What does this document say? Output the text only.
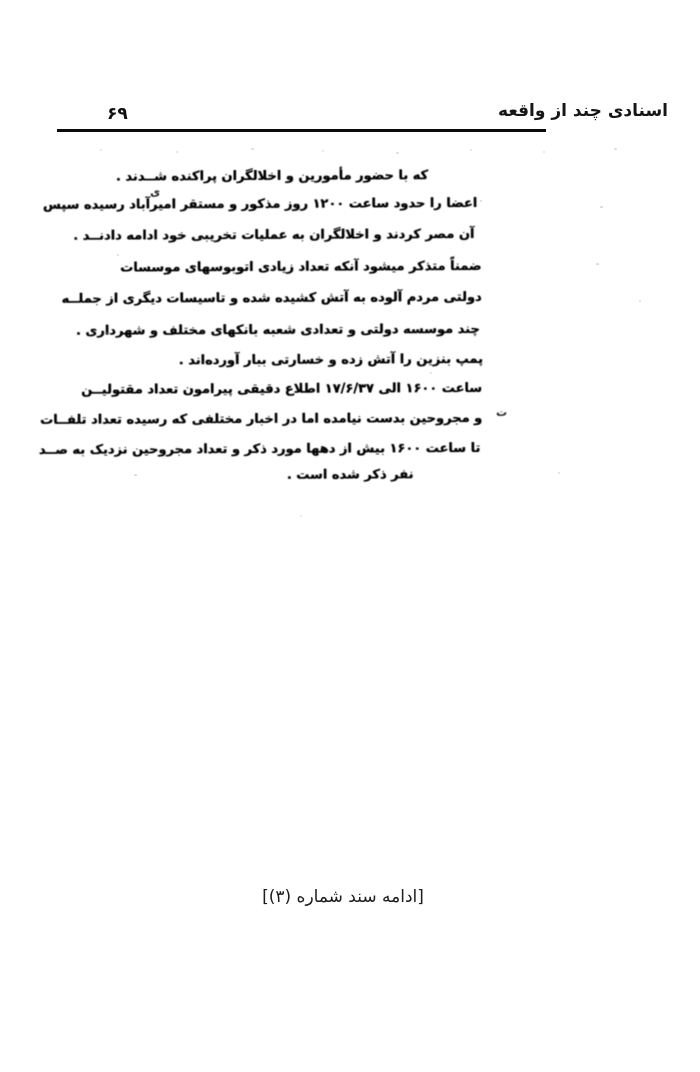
۶۹	اسنادی چند از واقعه
که با حضور مأمورین و اخلالگران پراکنده شــدند .
ی
اعضا را حدود ساعت ۱۲۰۰ روز مذکور و مستقر امیرآباد رسیده سپس
آن مصر کردند و اخلالگران به عملیات تخریبی خود ادامه دادنــد .
ضمناً متذکر میشود آنکه تعداد زیادی اتوبوسهای موسسات
دولتی مردم آلوده به آتش کشیده شده و تاسیسات دیگری از جملــه
چند موسسه دولتی و تعدادی شعبه بانکهای مختلف و شهرداری .
پمپ بنزین را آتش زده و خسارتی ببار آورده‌اند .
ساعت ۱۶۰۰ الی ۱۷/۶/۳۷ اطلاع دقیقی پیرامون تعداد مقتولیــن
و مجروحین بدست نیامده اما در اخبار مختلفی که رسیده تعداد تلفــات ت
تا ساعت ۱۶۰۰ بیش از دهها مورد ذکر و تعداد مجروحین نزدیک به صــد
نفر ذکر شده است .
[ادامه سند شماره (۳)]
